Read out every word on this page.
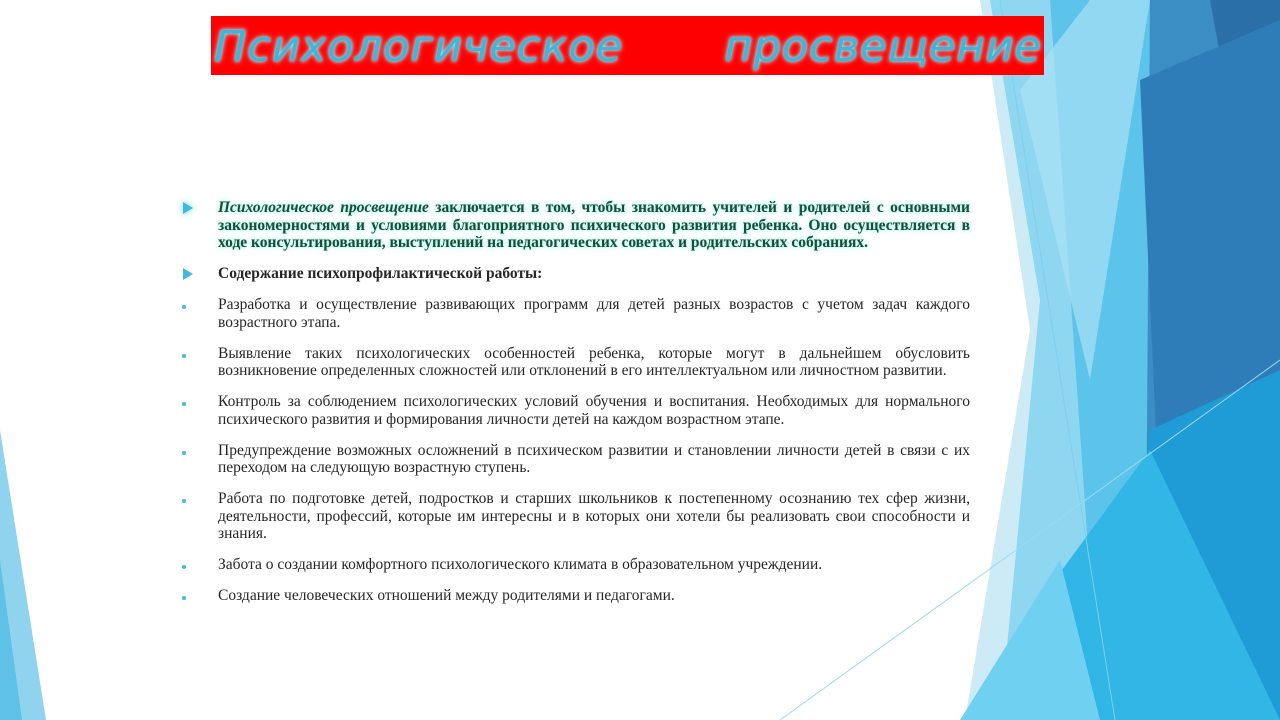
Психологическое просвещение
Психологическое просвещение заключается в том, чтобы знакомить учителей и родителей с основными закономерностями и условиями благоприятного психического развития ребенка. Оно осуществляется в ходе консультирования, выступлений на педагогических советах и родительских собраниях.
Содержание психопрофилактической работы:
Разработка и осуществление развивающих программ для детей разных возрастов с учетом задач каждого возрастного этапа.
Выявление таких психологических особенностей ребенка, которые могут в дальнейшем обусловить возникновение определенных сложностей или отклонений в его интеллектуальном или личностном развитии.
Контроль за соблюдением психологических условий обучения и воспитания. Необходимых для нормального психического развития и формирования личности детей на каждом возрастном этапе.
Предупреждение возможных осложнений в психическом развитии и становлении личности детей в связи с их переходом на следующую возрастную ступень.
Работа по подготовке детей, подростков и старших школьников к постепенному осознанию тех сфер жизни, деятельности, профессий, которые им интересны и в которых они хотели бы реализовать свои способности и знания.
Забота о создании комфортного психологического климата в образовательном учреждении.
Создание человеческих отношений между родителями и педагогами.
